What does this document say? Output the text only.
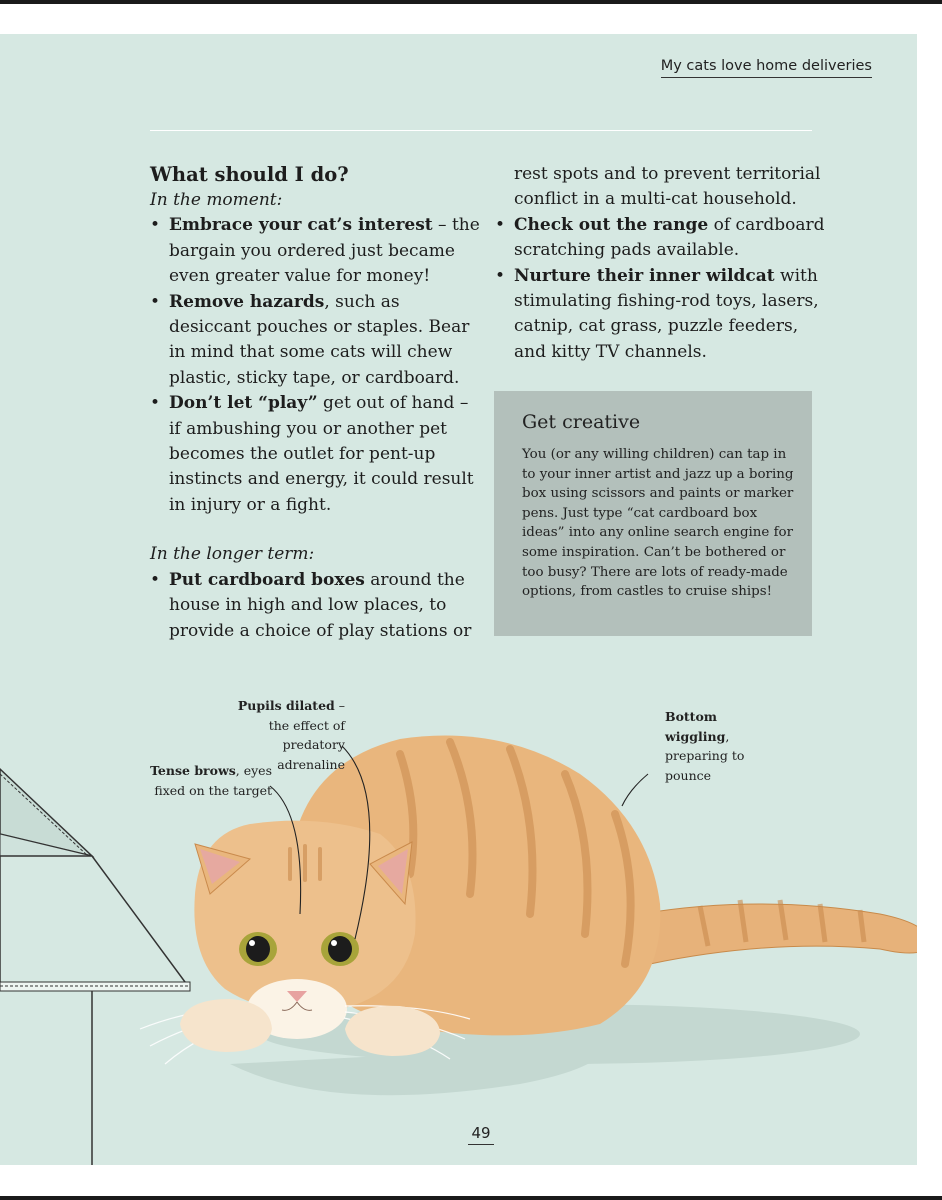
My cats love home deliveries

What should I do?

In the moment:

• Embrace your cat’s interest – the bargain you ordered just became even greater value for money!
• Remove hazards, such as desiccant pouches or staples. Bear in mind that some cats will chew plastic, sticky tape, or cardboard.
• Don’t let “play” get out of hand – if ambushing you or another pet becomes the outlet for pent-up instincts and energy, it could result in injury or a fight.

In the longer term:

• Put cardboard boxes around the house in high and low places, to provide a choice of play stations or

rest spots and to prevent territorial conflict in a multi-cat household.

• Check out the range of cardboard scratching pads available.
• Nurture their inner wildcat with stimulating fishing-rod toys, lasers, catnip, cat grass, puzzle feeders, and kitty TV channels.
Get creative
You (or any willing children) can tap in to your inner artist and jazz up a boring box using scissors and paints or marker pens. Just type “cat cardboard box ideas” into any online search engine for some inspiration. Can’t be bothered or too busy? There are lots of ready-made options, from castles to cruise ships!
Pupils dilated – the effect of predatory adrenaline
Tense brows, eyes fixed on the target
Bottom wiggling, preparing to pounce
49
